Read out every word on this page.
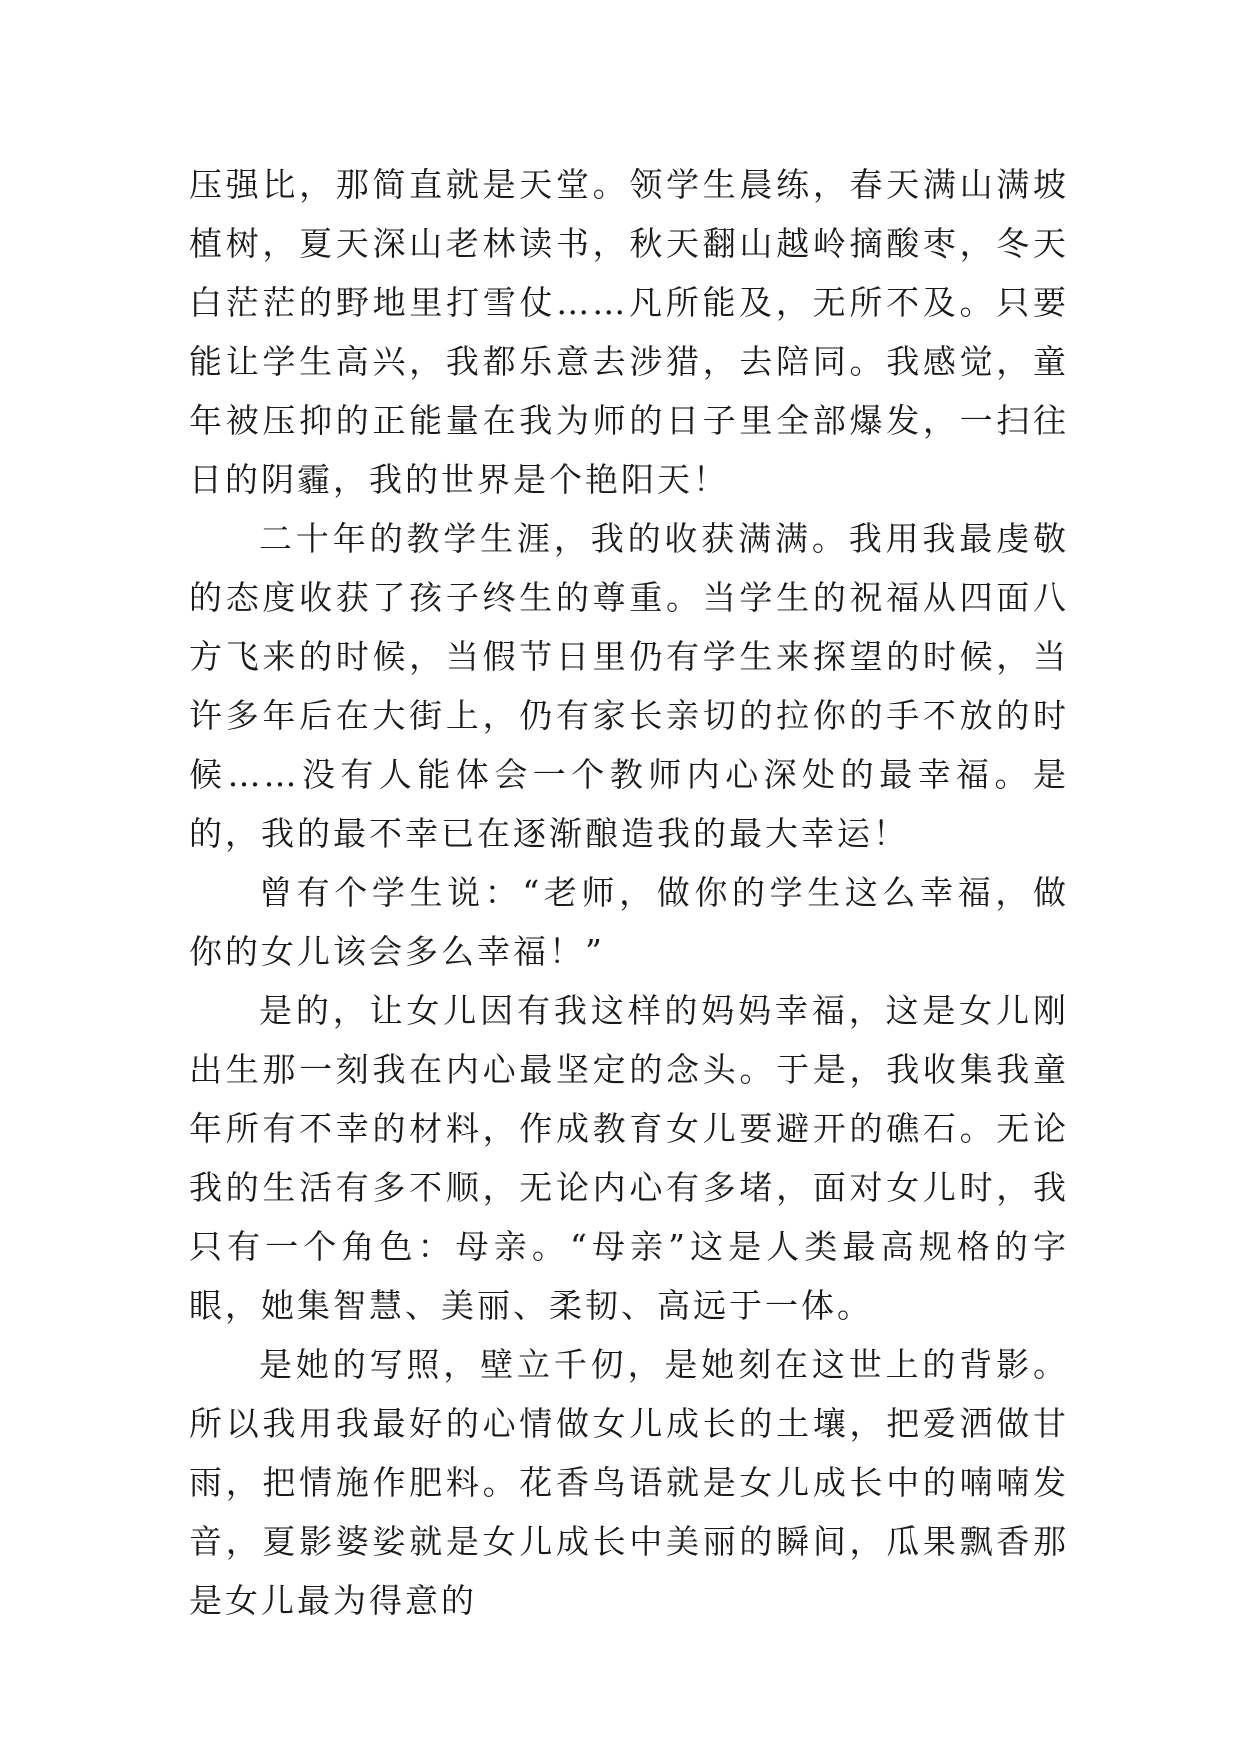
压强比，那简直就是天堂。领学生晨练，春天满山满坡植树，夏天深山老林读书，秋天翻山越岭摘酸枣，冬天白茫茫的野地里打雪仗……凡所能及，无所不及。只要能让学生高兴，我都乐意去涉猎，去陪同。我感觉，童年被压抑的正能量在我为师的日子里全部爆发，一扫往日的阴霾，我的世界是个艳阳天！

二十年的教学生涯，我的收获满满。我用我最虔敬的态度收获了孩子终生的尊重。当学生的祝福从四面八方飞来的时候，当假节日里仍有学生来探望的时候，当许多年后在大街上，仍有家长亲切的拉你的手不放的时候……没有人能体会一个教师内心深处的最幸福。是的，我的最不幸已在逐渐酿造我的最大幸运！

曾有个学生说：“老师，做你的学生这么幸福，做你的女儿该会多么幸福！”

是的，让女儿因有我这样的妈妈幸福，这是女儿刚出生那一刻我在内心最坚定的念头。于是，我收集我童年所有不幸的材料，作成教育女儿要避开的礁石。无论我的生活有多不顺，无论内心有多堵，面对女儿时，我只有一个角色：母亲。“母亲”这是人类最高规格的字眼，她集智慧、美丽、柔韧、高远于一体。

是她的写照，壁立千仞，是她刻在这世上的背影。所以我用我最好的心情做女儿成长的土壤，把爱洒做甘雨，把情施作肥料。花香鸟语就是女儿成长中的喃喃发音，夏影婆娑就是女儿成长中美丽的瞬间，瓜果飘香那是女儿最为得意的
